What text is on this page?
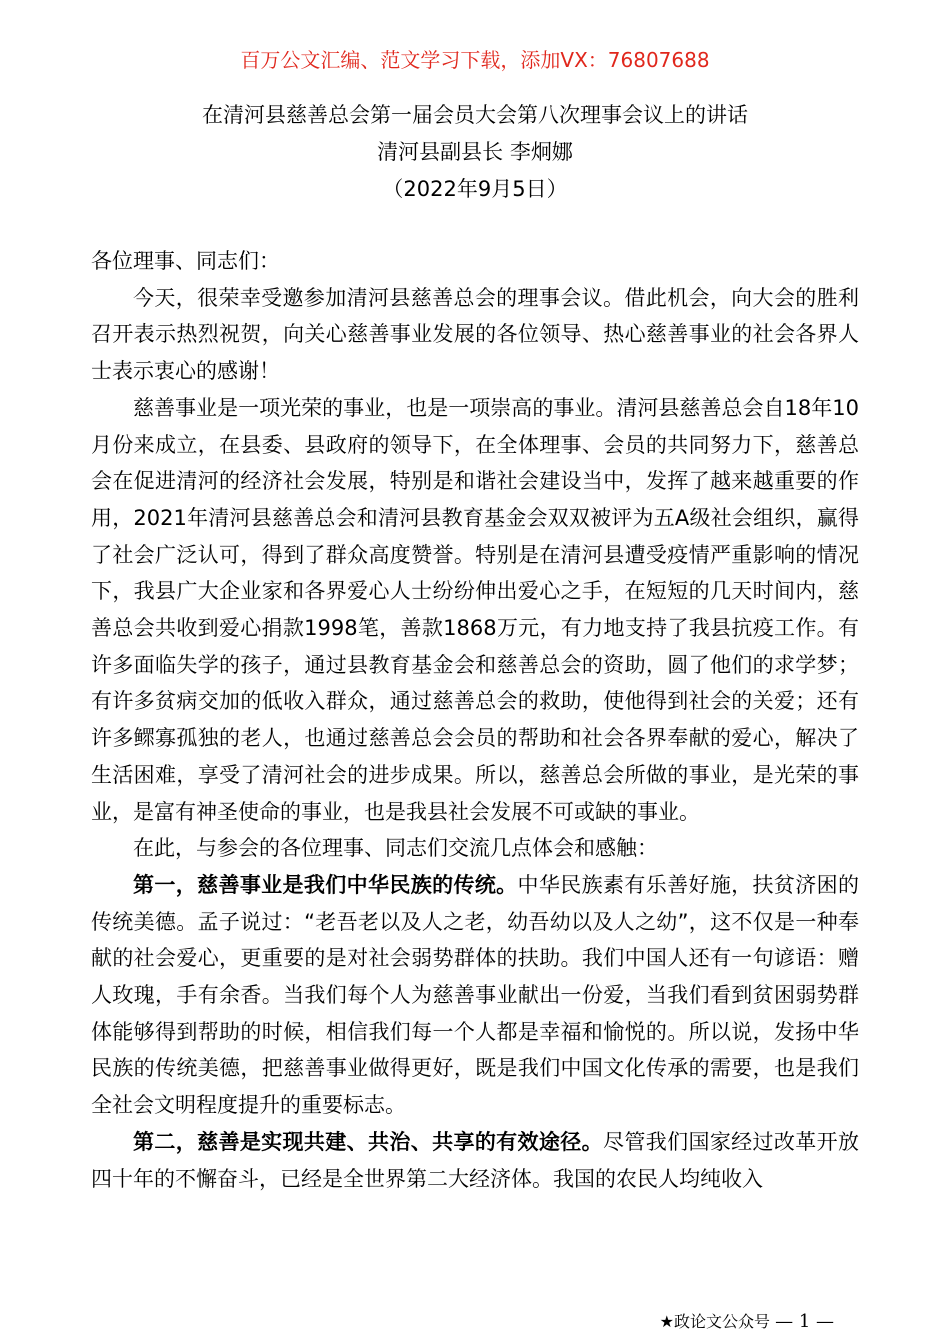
百万公文汇编、范文学习下载，添加VX：76807688
在清河县慈善总会第一届会员大会第八次理事会议上的讲话
清河县副县长 李炯娜
（2022年9月5日）

各位理事、同志们：

今天，很荣幸受邀参加清河县慈善总会的理事会议。借此机会，向大会的胜利召开表示热烈祝贺，向关心慈善事业发展的各位领导、热心慈善事业的社会各界人士表示衷心的感谢！

慈善事业是一项光荣的事业，也是一项崇高的事业。清河县慈善总会自18年10月份来成立，在县委、县政府的领导下，在全体理事、会员的共同努力下，慈善总会在促进清河的经济社会发展，特别是和谐社会建设当中，发挥了越来越重要的作用，2021年清河县慈善总会和清河县教育基金会双双被评为五A级社会组织，赢得了社会广泛认可，得到了群众高度赞誉。特别是在清河县遭受疫情严重影响的情况下，我县广大企业家和各界爱心人士纷纷伸出爱心之手，在短短的几天时间内，慈善总会共收到爱心捐款1998笔，善款1868万元，有力地支持了我县抗疫工作。有许多面临失学的孩子，通过县教育基金会和慈善总会的资助，圆了他们的求学梦；有许多贫病交加的低收入群众，通过慈善总会的救助，使他得到社会的关爱；还有许多鳏寡孤独的老人，也通过慈善总会会员的帮助和社会各界奉献的爱心，解决了生活困难，享受了清河社会的进步成果。所以，慈善总会所做的事业，是光荣的事业，是富有神圣使命的事业，也是我县社会发展不可或缺的事业。

在此，与参会的各位理事、同志们交流几点体会和感触：

第一，慈善事业是我们中华民族的传统。中华民族素有乐善好施，扶贫济困的传统美德。孟子说过：“老吾老以及人之老，幼吾幼以及人之幼”，这不仅是一种奉献的社会爱心，更重要的是对社会弱势群体的扶助。我们中国人还有一句谚语：赠人玫瑰，手有余香。当我们每个人为慈善事业献出一份爱，当我们看到贫困弱势群体能够得到帮助的时候，相信我们每一个人都是幸福和愉悦的。所以说，发扬中华民族的传统美德，把慈善事业做得更好，既是我们中国文化传承的需要，也是我们全社会文明程度提升的重要标志。

第二，慈善是实现共建、共治、共享的有效途径。尽管我们国家经过改革开放四十年的不懈奋斗，已经是全世界第二大经济体。我国的农民人均纯收入

★政论文公众号 — 1 —
